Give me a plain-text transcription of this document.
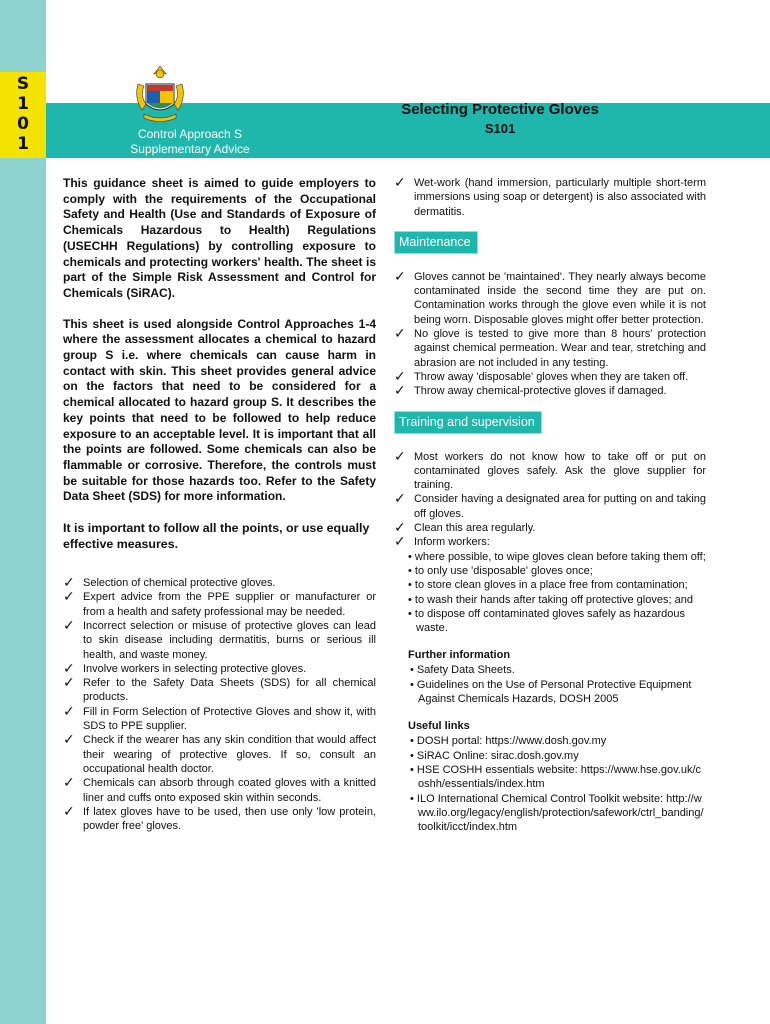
S
1
0
1	Control Approach S
Supplementary Advice
Selecting Protective Gloves
S101

This guidance sheet is aimed to guide employers to comply with the requirements of the Occupational Safety and Health (Use and Standards of Exposure of Chemicals Hazardous to Health) Regulations (USECHH Regulations) by controlling exposure to chemicals and protecting workers' health. The sheet is part of the Simple Risk Assessment and Control for Chemicals (SiRAC).

This sheet is used alongside Control Approaches 1-4 where the assessment allocates a chemical to hazard group S i.e. where chemicals can cause harm in contact with skin. This sheet provides general advice on the factors that need to be considered for a chemical allocated to hazard group S. It describes the key points that need to be followed to help reduce exposure to an acceptable level. It is important that all the points are followed. Some chemicals can also be flammable or corrosive. Therefore, the controls must be suitable for those hazards too. Refer to the Safety Data Sheet (SDS) for more information.

It is important to follow all the points, or use equally effective measures.

✓ Selection of chemical protective gloves.
✓ Expert advice from the PPE supplier or manufacturer or from a health and safety professional may be needed.
✓ Incorrect selection or misuse of protective gloves can lead to skin disease including dermatitis, burns or serious ill health, and waste money.
✓ Involve workers in selecting protective gloves.
✓ Refer to the Safety Data Sheets (SDS) for all chemical products.
✓ Fill in Form Selection of Protective Gloves and show it, with SDS to PPE supplier.
✓ Check if the wearer has any skin condition that would affect their wearing of protective gloves. If so, consult an occupational health doctor.
✓ Chemicals can absorb through coated gloves with a knitted liner and cuffs onto exposed skin within seconds.
✓ If latex gloves have to be used, then use only 'low protein, powder free' gloves.
✓ Wet-work (hand immersion, particularly multiple short-term immersions using soap or detergent) is also associated with dermatitis.
Maintenance
✓ Gloves cannot be 'maintained'. They nearly always become contaminated inside the second time they are put on. Contamination works through the glove even while it is not being worn. Disposable gloves might offer better protection.
✓ No glove is tested to give more than 8 hours' protection against chemical permeation. Wear and tear, stretching and abrasion are not included in any testing.
✓ Throw away 'disposable' gloves when they are taken off.
✓ Throw away chemical-protective gloves if damaged.
Training and supervision
✓ Most workers do not know how to take off or put on contaminated gloves safely. Ask the glove supplier for training.
✓ Consider having a designated area for putting on and taking off gloves.
✓ Clean this area regularly.
✓ Inform workers:
• where possible, to wipe gloves clean before taking them off;
• to only use 'disposable' gloves once;
• to store clean gloves in a place free from contamination;
• to wash their hands after taking off protective gloves; and
• to dispose off contaminated gloves safely as hazardous waste.
Further information
• Safety Data Sheets.
• Guidelines on the Use of Personal Protective Equipment Against Chemicals Hazards, DOSH 2005
Useful links
• DOSH portal: https://www.dosh.gov.my
• SiRAC Online: sirac.dosh.gov.my
• HSE COSHH essentials website: https://www.hse.gov.uk/coshh/essentials/index.htm
• ILO International Chemical Control Toolkit website: http://www.ilo.org/legacy/english/protection/safework/ctrl_banding/toolkit/icct/index.htm
